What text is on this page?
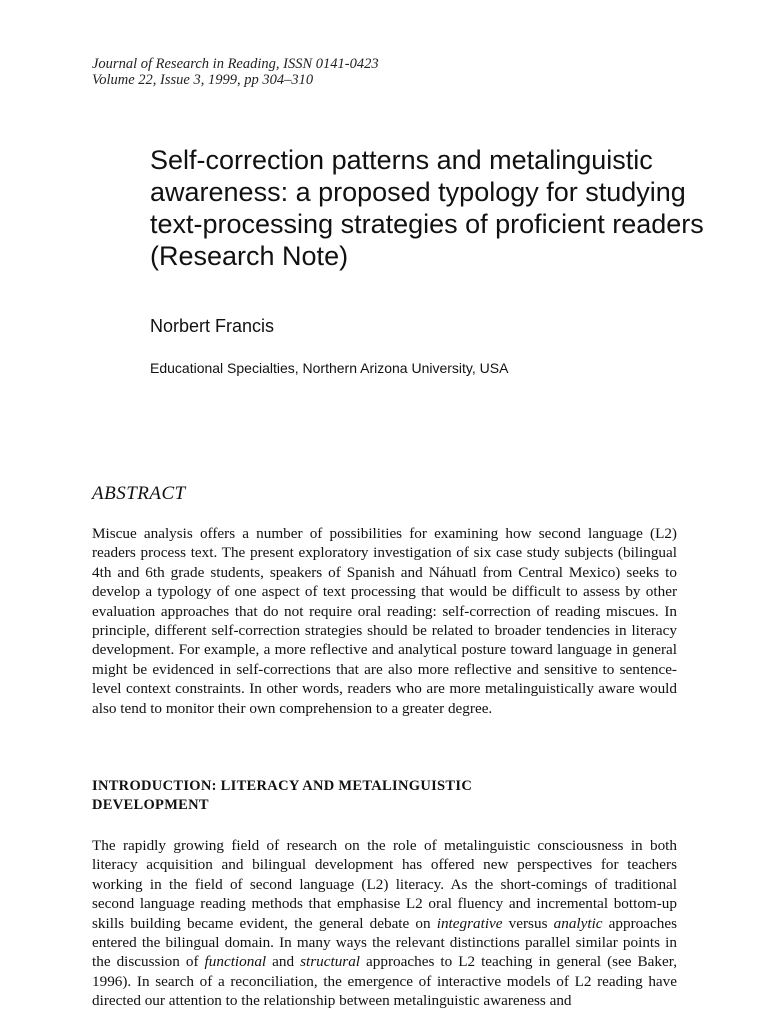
Journal of Research in Reading, ISSN 0141-0423
Volume 22, Issue 3, 1999, pp 304–310
Self-correction patterns and metalinguistic awareness: a proposed typology for studying text-processing strategies of proficient readers (Research Note)
Norbert Francis
Educational Specialties, Northern Arizona University, USA
ABSTRACT

Miscue analysis offers a number of possibilities for examining how second language (L2) readers process text. The present exploratory investigation of six case study subjects (bilingual 4th and 6th grade students, speakers of Spanish and Náhuatl from Central Mexico) seeks to develop a typology of one aspect of text processing that would be difficult to assess by other evaluation approaches that do not require oral reading: self-correction of reading miscues. In principle, different self-correction strategies should be related to broader tendencies in literacy development. For example, a more reflective and analytical posture toward language in general might be evidenced in self-corrections that are also more reflective and sensitive to sentence-level context constraints. In other words, readers who are more metalinguistically aware would also tend to monitor their own comprehension to a greater degree.

INTRODUCTION: LITERACY AND METALINGUISTIC DEVELOPMENT

The rapidly growing field of research on the role of metalinguistic consciousness in both literacy acquisition and bilingual development has offered new perspectives for teachers working in the field of second language (L2) literacy. As the short-comings of traditional second language reading methods that emphasise L2 oral fluency and incremental bottom-up skills building became evident, the general debate on integrative versus analytic approaches entered the bilingual domain. In many ways the relevant distinctions parallel similar points in the discussion of functional and structural approaches to L2 teaching in general (see Baker, 1996). In search of a reconciliation, the emergence of interactive models of L2 reading have directed our attention to the relationship between metalinguistic awareness and
